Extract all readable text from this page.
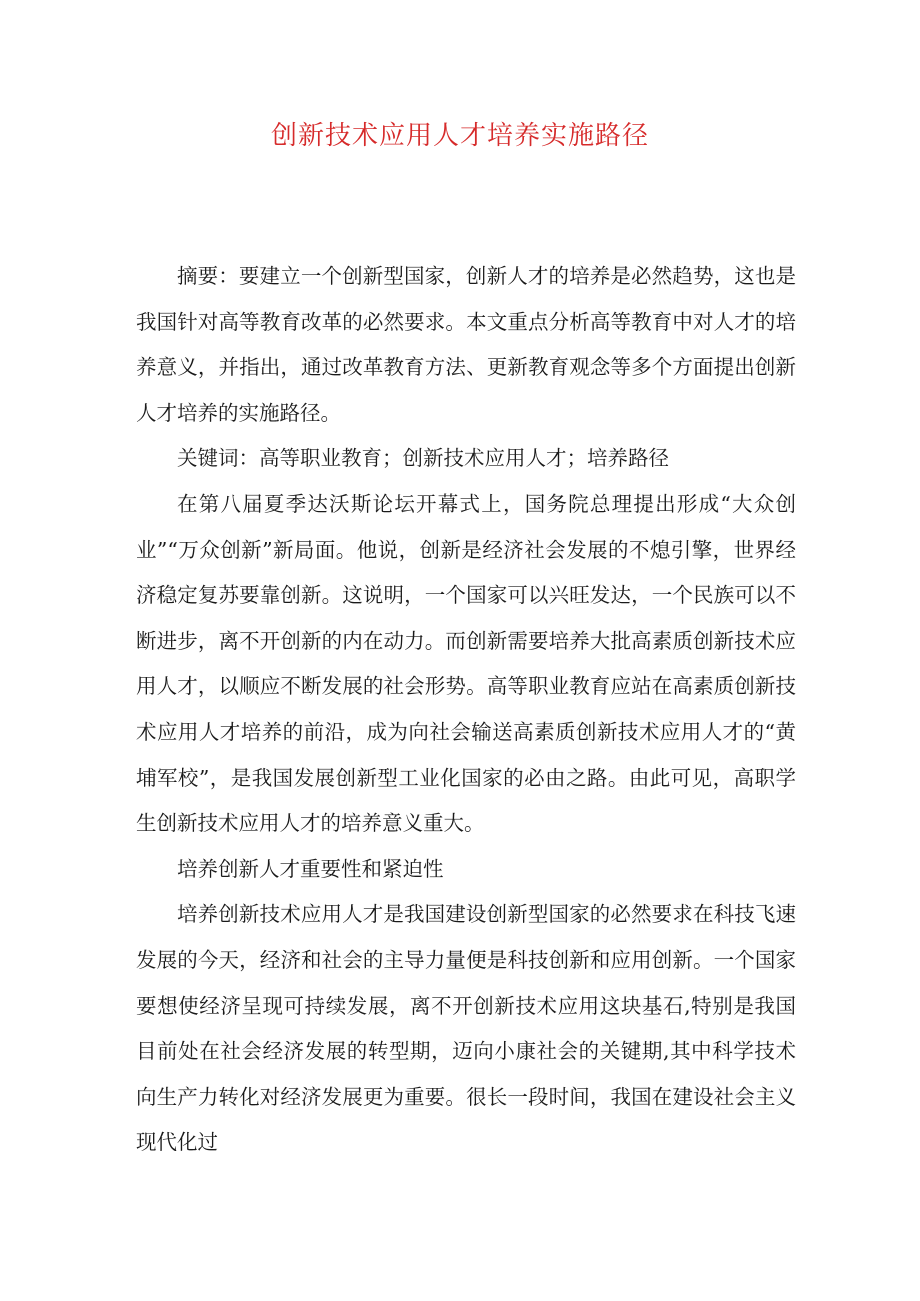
创新技术应用人才培养实施路径

摘要：要建立一个创新型国家，创新人才的培养是必然趋势，这也是我国针对高等教育改革的必然要求。本文重点分析高等教育中对人才的培养意义，并指出，通过改革教育方法、更新教育观念等多个方面提出创新人才培养的实施路径。

关键词：高等职业教育；创新技术应用人才；培养路径

在第八届夏季达沃斯论坛开幕式上，国务院总理提出形成“大众创业”“万众创新”新局面。他说，创新是经济社会发展的不熄引擎，世界经济稳定复苏要靠创新。这说明，一个国家可以兴旺发达，一个民族可以不断进步，离不开创新的内在动力。而创新需要培养大批高素质创新技术应用人才，以顺应不断发展的社会形势。高等职业教育应站在高素质创新技术应用人才培养的前沿，成为向社会输送高素质创新技术应用人才的“黄埔军校”，是我国发展创新型工业化国家的必由之路。由此可见，高职学生创新技术应用人才的培养意义重大。

培养创新人才重要性和紧迫性

培养创新技术应用人才是我国建设创新型国家的必然要求在科技飞速发展的今天，经济和社会的主导力量便是科技创新和应用创新。一个国家要想使经济呈现可持续发展，离不开创新技术应用这块基石,特别是我国目前处在社会经济发展的转型期，迈向小康社会的关键期,其中科学技术向生产力转化对经济发展更为重要。很长一段时间，我国在建设社会主义现代化过
